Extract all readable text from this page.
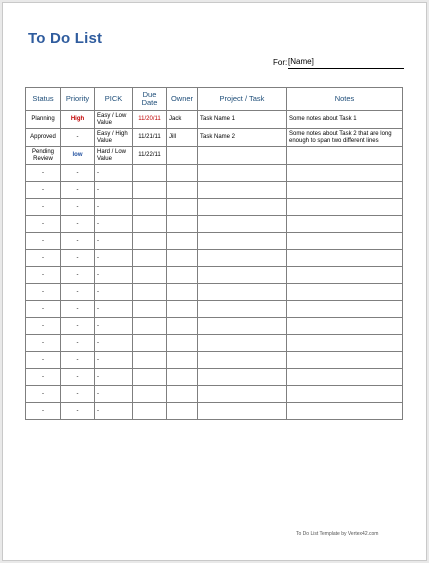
To Do List
For: [Name]
Status	Priority	PICK	Due Date	Owner	Project / Task	Notes
Planning	High	Easy / Low Value	11/20/11	Jack	Task Name 1	Some notes about Task 1
Approved	-	Easy / High Value	11/21/11	Jill	Task Name 2	Some notes about Task 2 that are long enough to span two different lines
Pending Review	low	Hard / Low Value	11/22/11			
-	-	-				
-	-	-				
-	-	-				
-	-	-				
-	-	-				
-	-	-				
-	-	-				
-	-	-				
-	-	-				
-	-	-				
-	-	-				
-	-	-				
-	-	-				
-	-	-				
-	-	-				
To Do List Template by Vertex42.com
